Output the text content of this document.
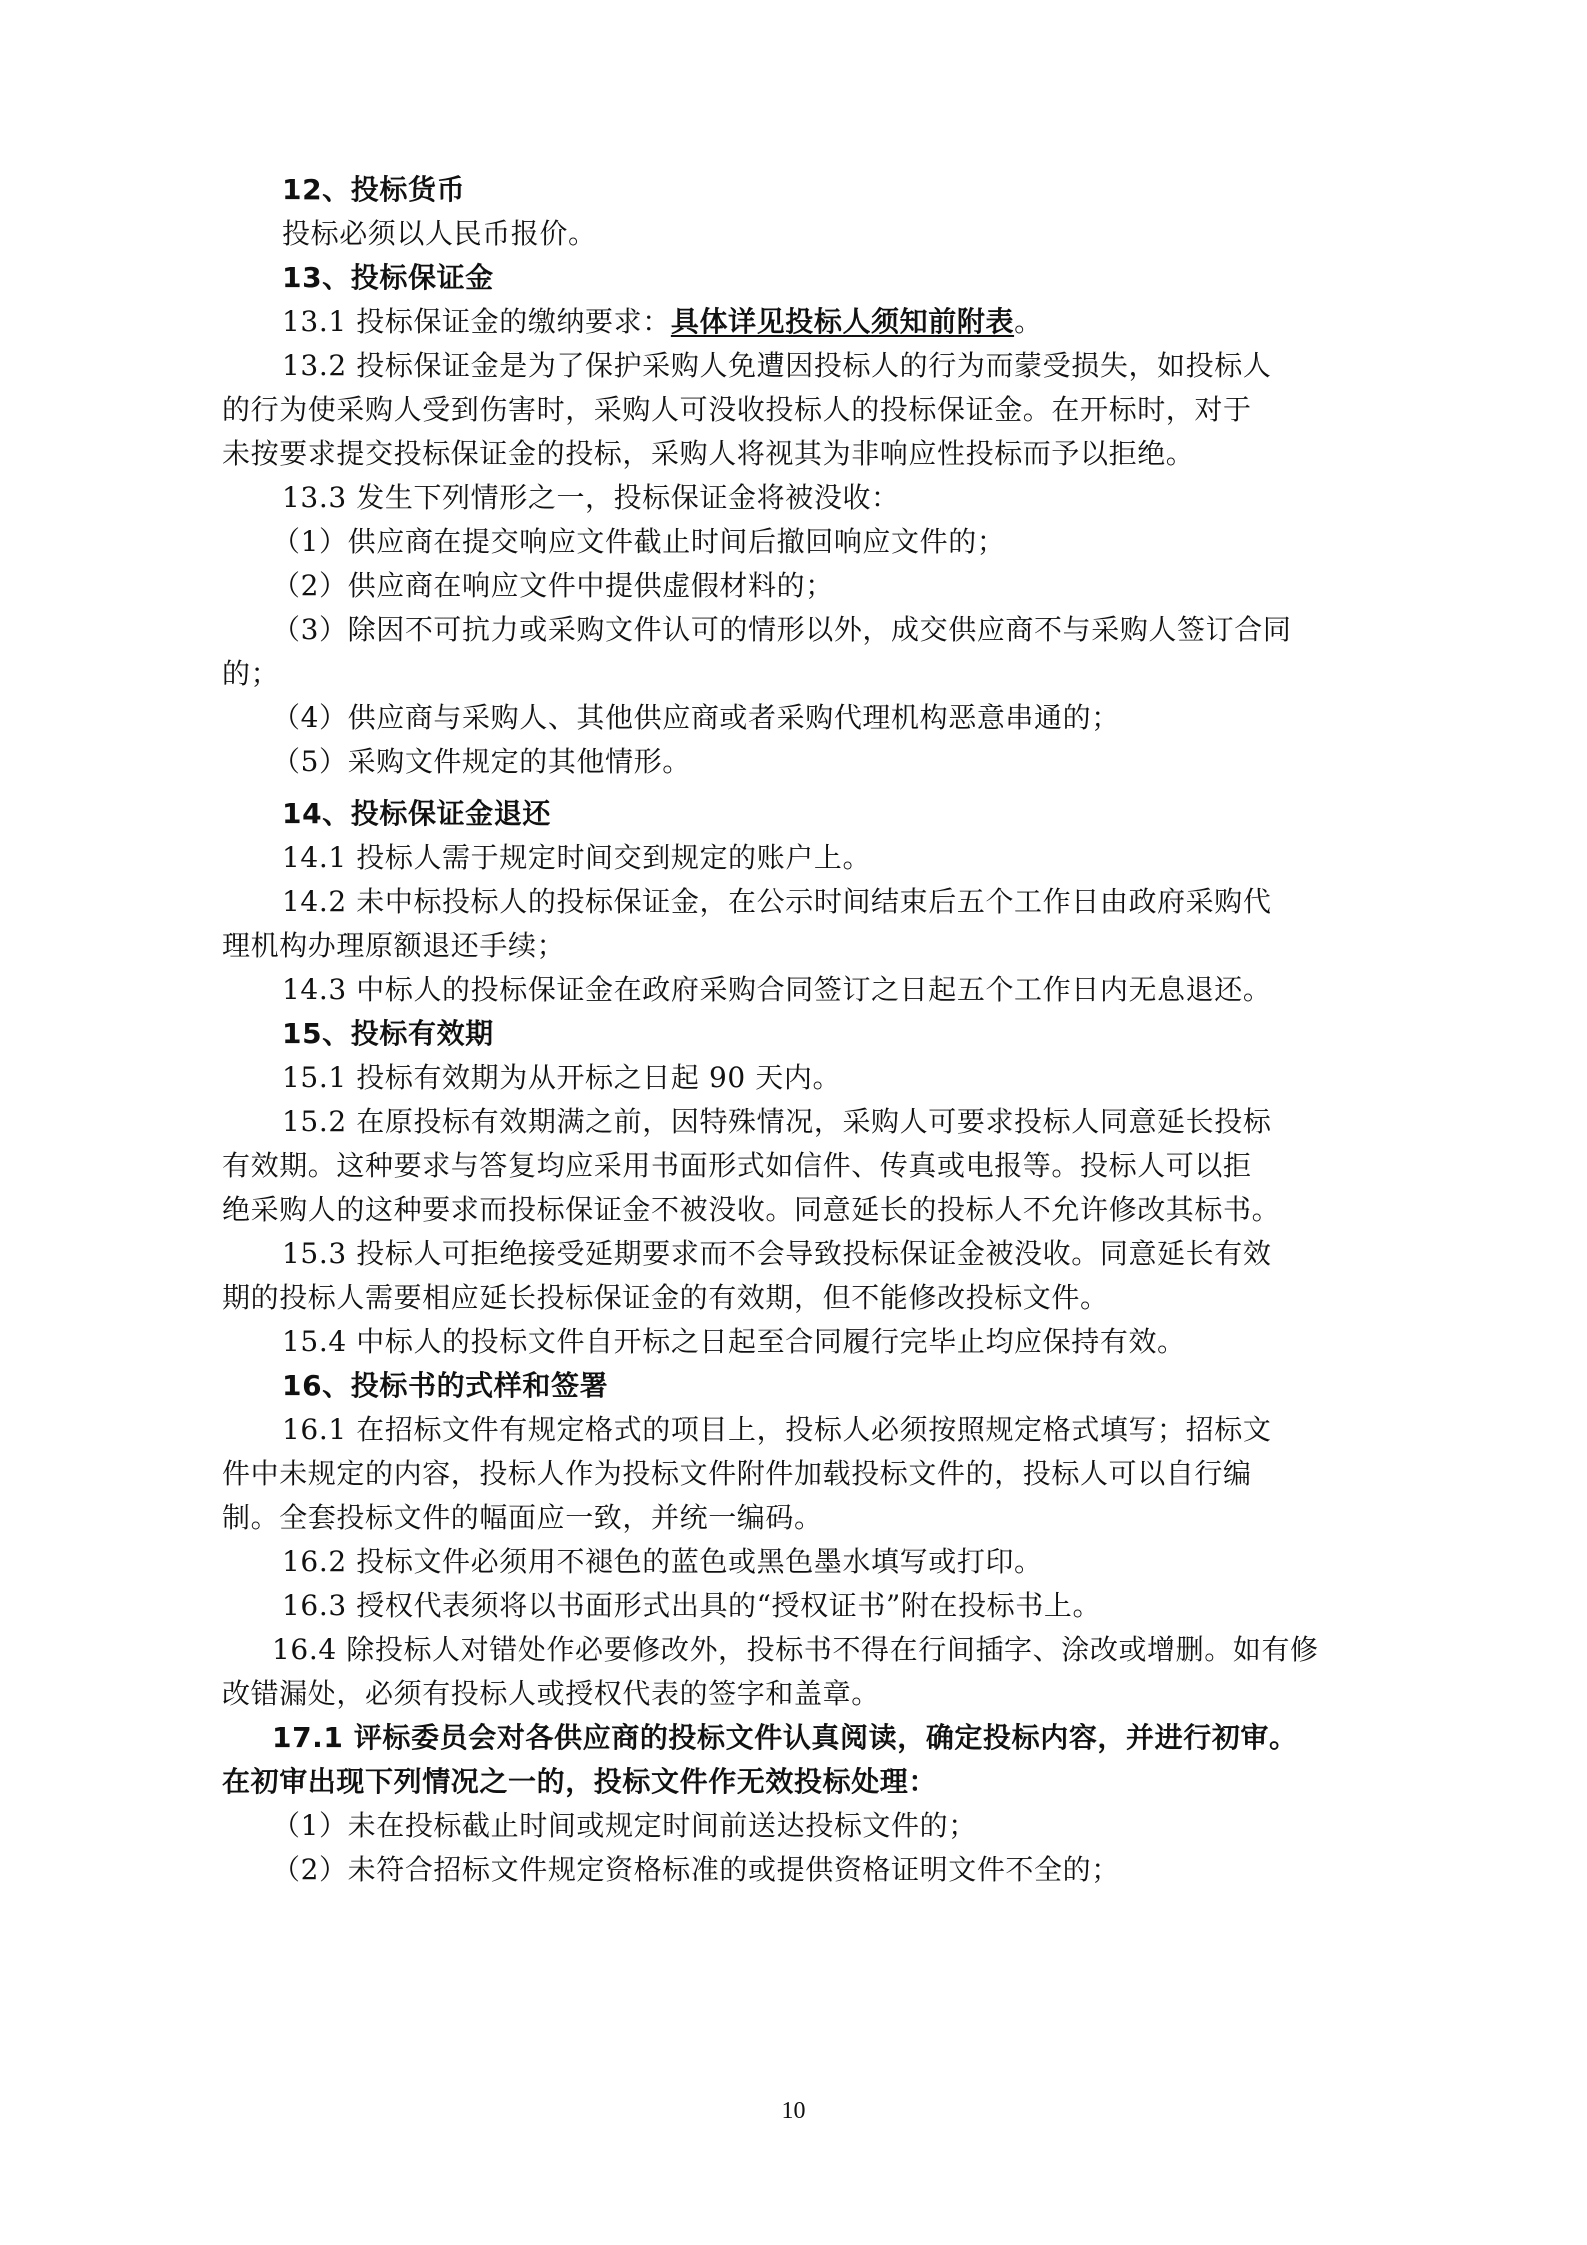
12、投标货币
投标必须以人民币报价。
13、投标保证金
13.1 投标保证金的缴纳要求：具体详见投标人须知前附表。
13.2 投标保证金是为了保护采购人免遭因投标人的行为而蒙受损失，如投标人
的行为使采购人受到伤害时，采购人可没收投标人的投标保证金。在开标时，对于
未按要求提交投标保证金的投标，采购人将视其为非响应性投标而予以拒绝。
13.3 发生下列情形之一，投标保证金将被没收：
（1）供应商在提交响应文件截止时间后撤回响应文件的；
（2）供应商在响应文件中提供虚假材料的；
（3）除因不可抗力或采购文件认可的情形以外，成交供应商不与采购人签订合同
的；
（4）供应商与采购人、其他供应商或者采购代理机构恶意串通的；
（5）采购文件规定的其他情形。
14、投标保证金退还
14.1 投标人需于规定时间交到规定的账户上。
14.2 未中标投标人的投标保证金，在公示时间结束后五个工作日由政府采购代
理机构办理原额退还手续；
14.3 中标人的投标保证金在政府采购合同签订之日起五个工作日内无息退还。
15、投标有效期
15.1 投标有效期为从开标之日起 90 天内。
15.2 在原投标有效期满之前，因特殊情况，采购人可要求投标人同意延长投标
有效期。这种要求与答复均应采用书面形式如信件、传真或电报等。投标人可以拒
绝采购人的这种要求而投标保证金不被没收。同意延长的投标人不允许修改其标书。
15.3 投标人可拒绝接受延期要求而不会导致投标保证金被没收。同意延长有效
期的投标人需要相应延长投标保证金的有效期，但不能修改投标文件。
15.4 中标人的投标文件自开标之日起至合同履行完毕止均应保持有效。
16、投标书的式样和签署
16.1 在招标文件有规定格式的项目上，投标人必须按照规定格式填写；招标文
件中未规定的内容，投标人作为投标文件附件加载投标文件的，投标人可以自行编
制。全套投标文件的幅面应一致，并统一编码。
16.2 投标文件必须用不褪色的蓝色或黑色墨水填写或打印。
16.3 授权代表须将以书面形式出具的“授权证书”附在投标书上。
16.4 除投标人对错处作必要修改外，投标书不得在行间插字、涂改或增删。如有修
改错漏处，必须有投标人或授权代表的签字和盖章。
17.1 评标委员会对各供应商的投标文件认真阅读，确定投标内容，并进行初审。
在初审出现下列情况之一的，投标文件作无效投标处理：
（1）未在投标截止时间或规定时间前送达投标文件的；
（2）未符合招标文件规定资格标准的或提供资格证明文件不全的；
10
